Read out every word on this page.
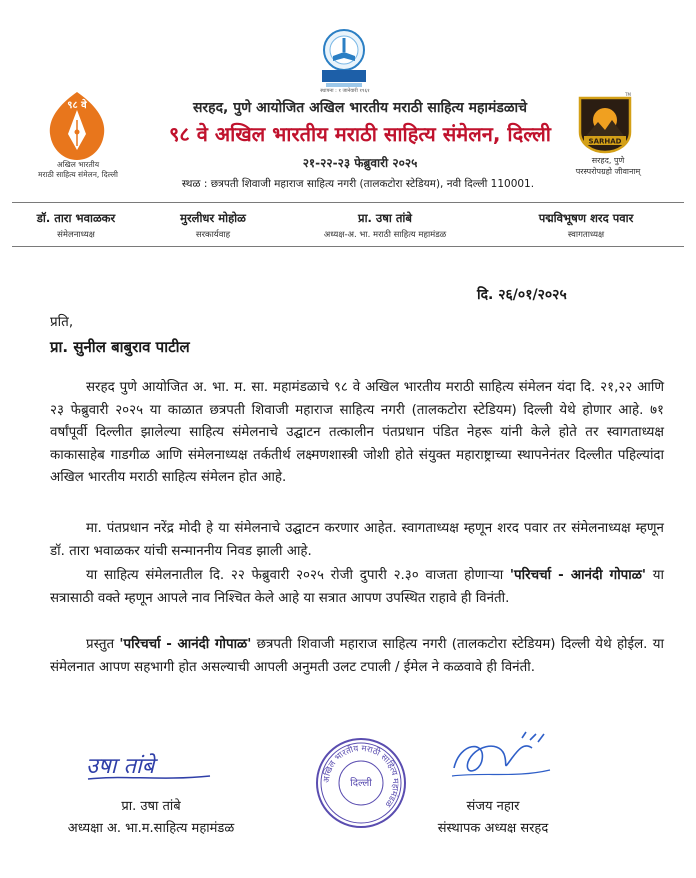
स्थापना : १ जानेवारी १९६१
९८ वे
अखिल भारतीय
मराठी साहित्य संमेलन, दिल्ली
SARHAD
TM
सरहद, पुणे
परस्परोपग्रहो जीवानाम्
सरहद, पुणे आयोजित अखिल भारतीय मराठी साहित्य महामंडळाचे
९८ वे अखिल भारतीय मराठी साहित्य संमेलन, दिल्ली
२१-२२-२३ फेब्रुवारी २०२५
स्थळ : छत्रपती शिवाजी महाराज साहित्य नगरी (तालकटोरा स्टेडियम), नवी दिल्ली 110001.
डॉ. तारा भवाळकर
संमेलनाध्यक्ष
मुरलीधर मोहोळ
सरकार्यवाह
प्रा. उषा तांबे
अध्यक्ष-अ. भा. मराठी साहित्य महामंडळ
पद्मविभूषण शरद पवार
स्वागताध्यक्ष
दि. २६/०१/२०२५
प्रति,
प्रा. सुनील बाबुराव पाटील
सरहद पुणे आयोजित अ. भा. म. सा. महामंडळाचे ९८ वे अखिल भारतीय मराठी साहित्य संमेलन यंदा दि. २१,२२ आणि २३ फेब्रुवारी २०२५ या काळात छत्रपती शिवाजी महाराज साहित्य नगरी (तालकटोरा स्टेडियम) दिल्ली येथे होणार आहे. ७१ वर्षांपूर्वी दिल्लीत झालेल्या साहित्य संमेलनाचे उद्घाटन तत्कालीन पंतप्रधान पंडित नेहरू यांनी केले होते तर स्वागताध्यक्ष काकासाहेब गाडगीळ आणि संमेलनाध्यक्ष तर्कतीर्थ लक्ष्मणशास्त्री जोशी होते संयुक्त महाराष्ट्राच्या स्थापनेनंतर दिल्लीत पहिल्यांदा अखिल भारतीय मराठी साहित्य संमेलन होत आहे.
मा. पंतप्रधान नरेंद्र मोदी हे या संमेलनाचे उद्घाटन करणार आहेत. स्वागताध्यक्ष म्हणून शरद पवार तर संमेलनाध्यक्ष म्हणून डॉ. तारा भवाळकर यांची सन्माननीय निवड झाली आहे.
या साहित्य संमेलनातील दि. २२ फेब्रुवारी २०२५ रोजी दुपारी २.३० वाजता होणाऱ्या 'परिचर्चा - आनंदी गोपाळ' या सत्रासाठी वक्ते म्हणून आपले नाव निश्चित केले आहे या सत्रात आपण उपस्थित राहावे ही विनंती.
प्रस्तुत 'परिचर्चा - आनंदी गोपाळ' छत्रपती शिवाजी महाराज साहित्य नगरी (तालकटोरा स्टेडियम) दिल्ली येथे होईल. या संमेलनात आपण सहभागी होत असल्याची आपली अनुमती उलट टपाली / ईमेल ने कळवावे ही विनंती.
उषा तांबे
अखिल भारतीय मराठी साहित्य महामंडळ
दिल्ली
प्रा. उषा तांबे
अध्यक्षा अ. भा.म.साहित्य महामंडळ
संजय नहार
संस्थापक अध्यक्ष सरहद
